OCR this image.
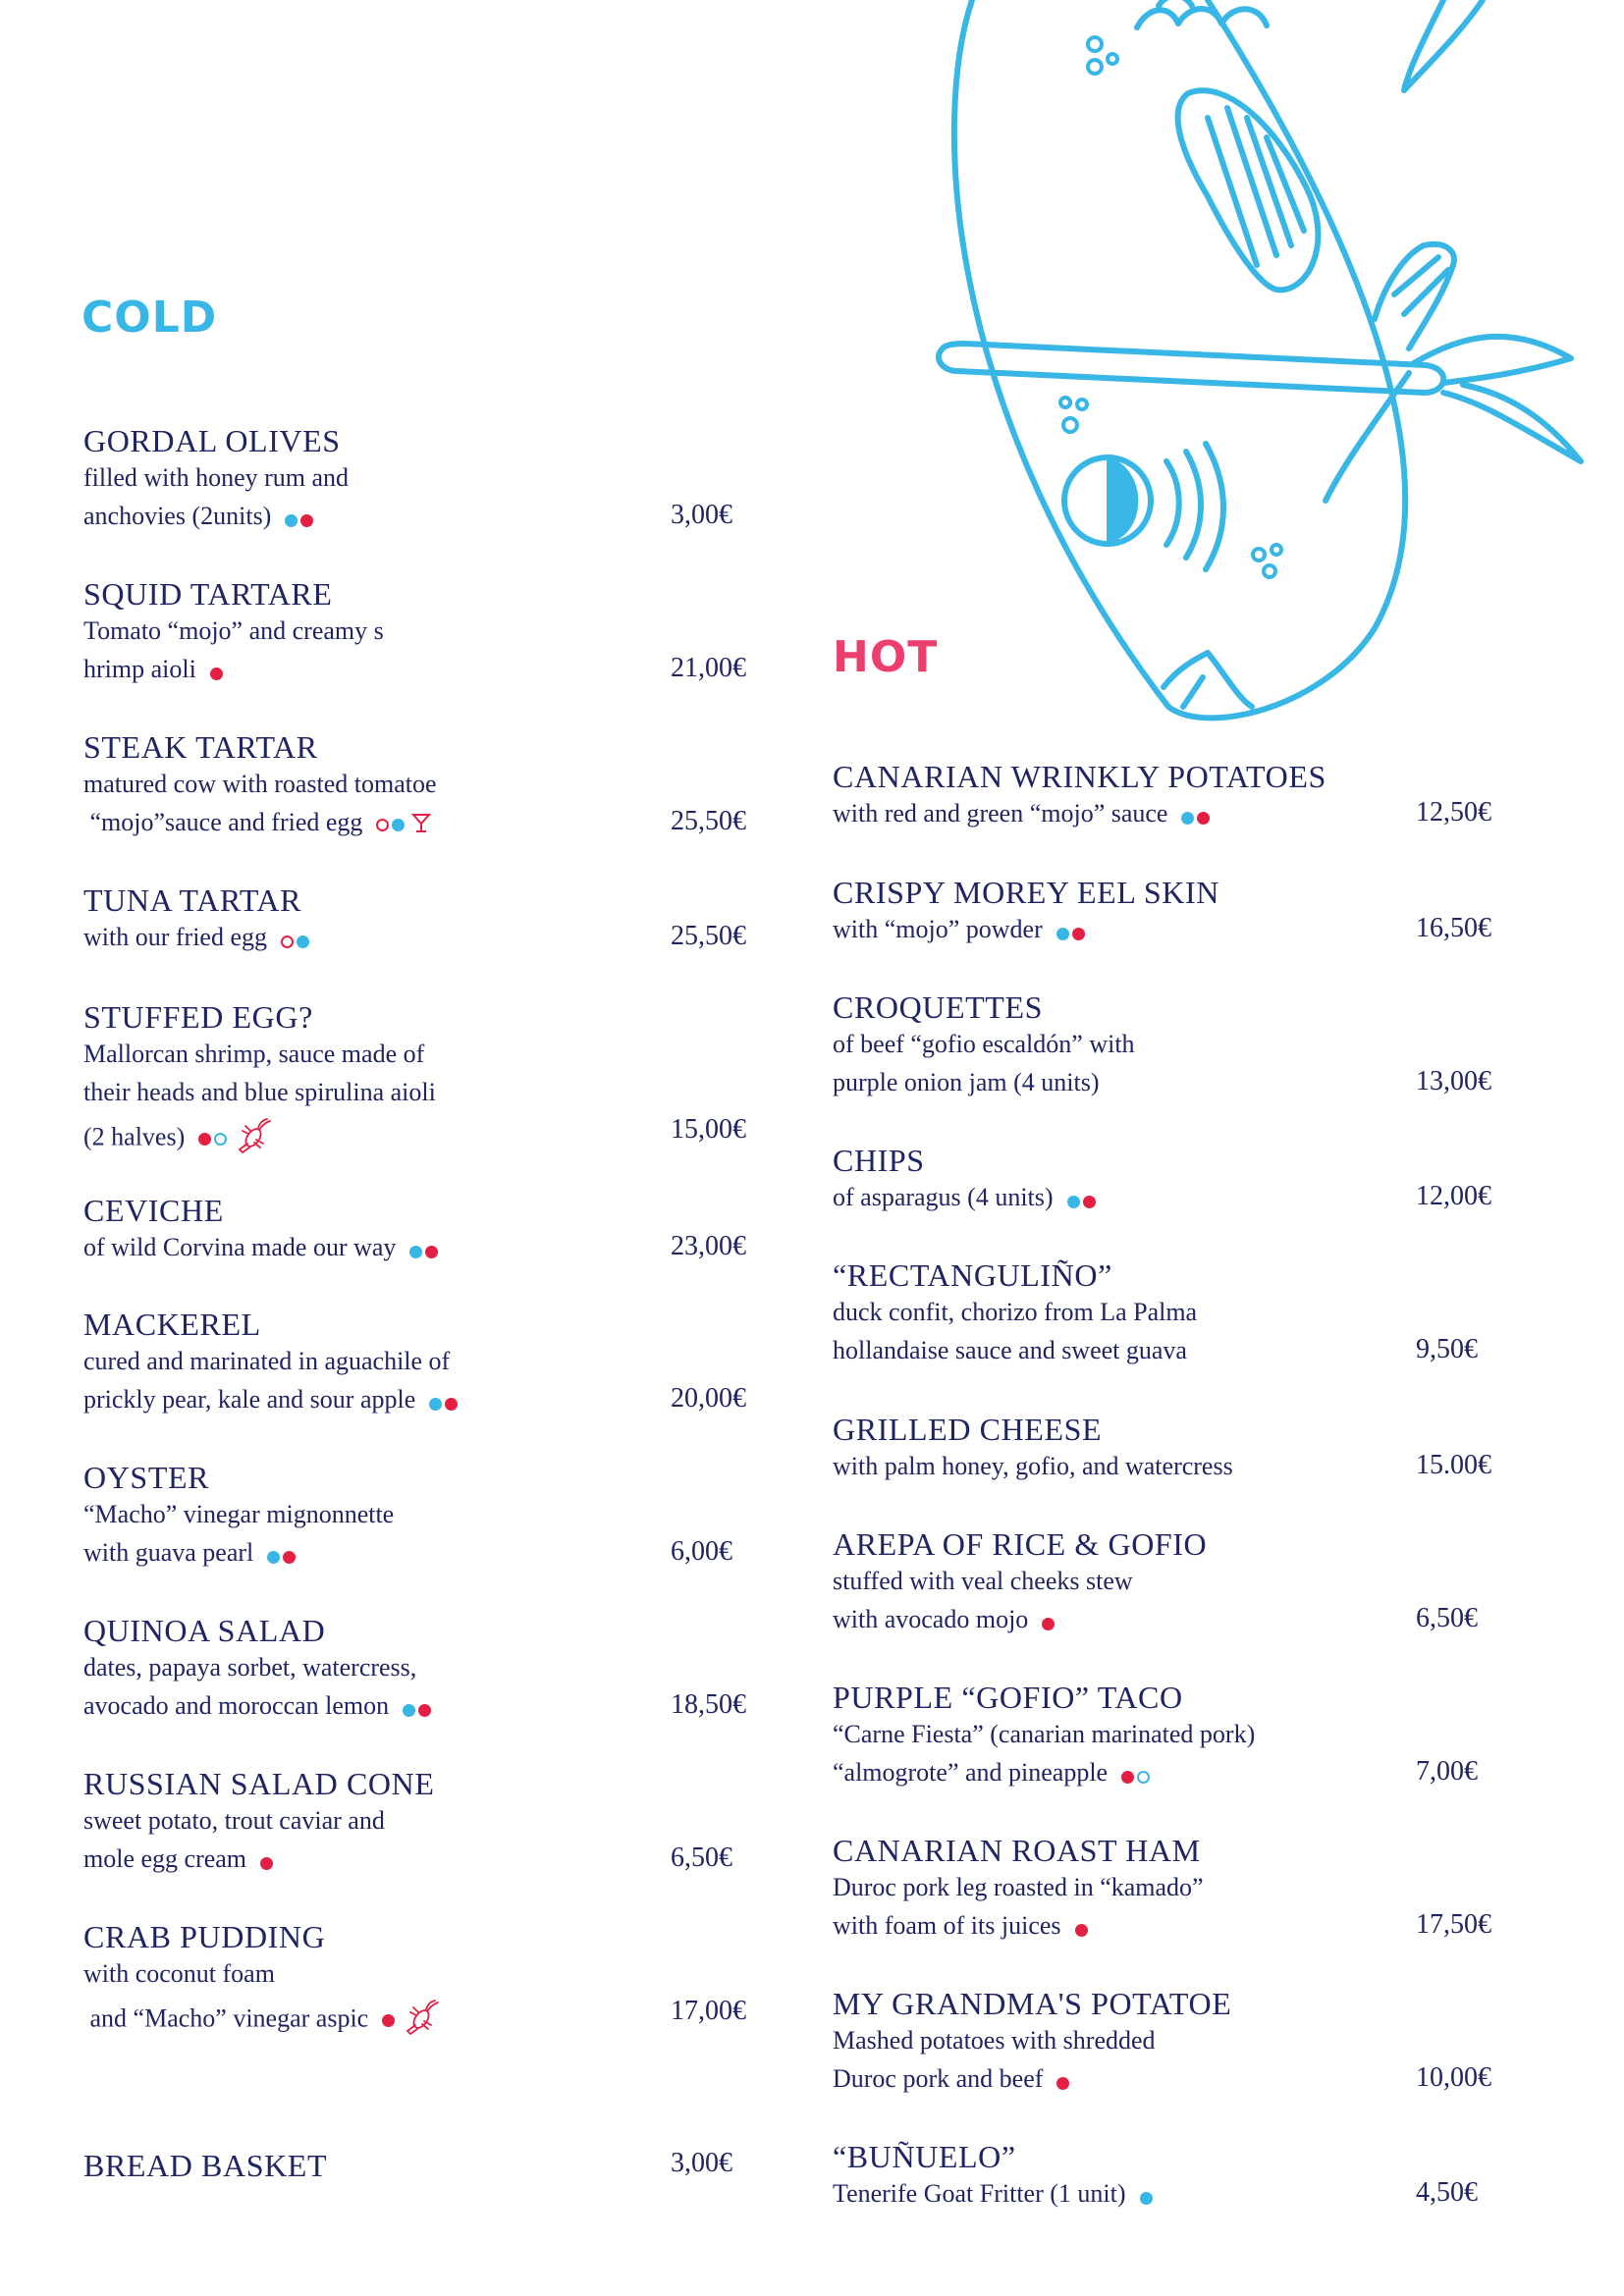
COLD
HOT
GORDAL OLIVES
filled with honey rum and
anchovies (2units)	3,00€
SQUID TARTARE
Tomato “mojo” and creamy s
hrimp aioli	21,00€
STEAK TARTAR
matured cow with roasted tomatoe
“mojo”sauce and fried egg	25,50€
TUNA TARTAR
with our fried egg	25,50€
STUFFED EGG?
Mallorcan shrimp, sauce made of
their heads and blue spirulina aioli
(2 halves)	15,00€
CEVICHE
of wild Corvina made our way	23,00€
MACKEREL
cured and marinated in aguachile of
prickly pear, kale and sour apple	20,00€
OYSTER
“Macho” vinegar mignonnette
with guava pearl	6,00€
QUINOA SALAD
dates, papaya sorbet, watercress,
avocado and moroccan lemon	18,50€
RUSSIAN SALAD CONE
sweet potato, trout caviar and
mole egg cream	6,50€
CRAB PUDDING
with coconut foam
and “Macho” vinegar aspic	17,00€
BREAD BASKET	3,00€
CANARIAN WRINKLY POTATOES
with red and green “mojo” sauce	12,50€
CRISPY MOREY EEL SKIN
with “mojo” powder	16,50€
CROQUETTES
of beef “gofio escaldón” with
purple onion jam (4 units)	13,00€
CHIPS
of asparagus (4 units)	12,00€
“RECTANGULIÑO”
duck confit, chorizo from La Palma
hollandaise sauce and sweet guava	9,50€
GRILLED CHEESE
with palm honey, gofio, and watercress	15.00€
AREPA OF RICE & GOFIO
stuffed with veal cheeks stew
with avocado mojo	6,50€
PURPLE “GOFIO” TACO
“Carne Fiesta” (canarian marinated pork)
“almogrote” and pineapple	7,00€
CANARIAN ROAST HAM
Duroc pork leg roasted in “kamado”
with foam of its juices	17,50€
MY GRANDMA'S POTATOE
Mashed potatoes with shredded
Duroc pork and beef	10,00€
“BUÑUELO”
Tenerife Goat Fritter (1 unit)	4,50€
